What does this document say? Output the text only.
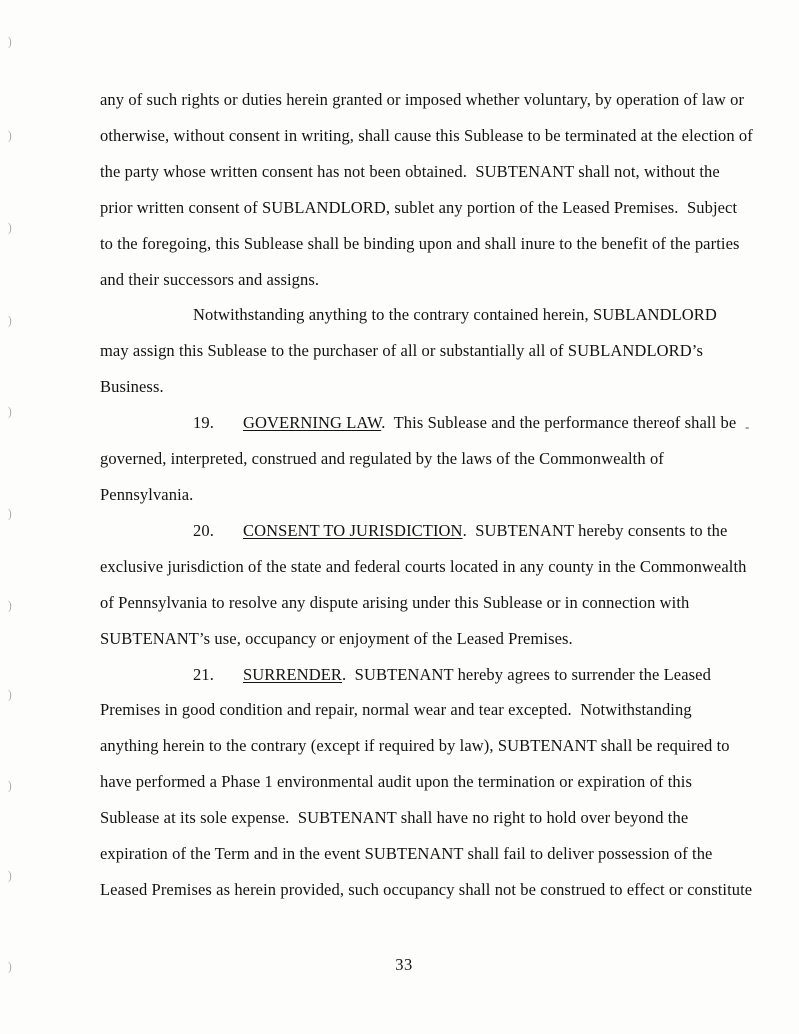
)
)
)
)
)
)
)
)
)
)
)
any of such rights or duties herein granted or imposed whether voluntary, by operation of law or
otherwise, without consent in writing, shall cause this Sublease to be terminated at the election of
the party whose written consent has not been obtained.  SUBTENANT shall not, without the
prior written consent of SUBLANDLORD, sublet any portion of the Leased Premises.  Subject
to the foregoing, this Sublease shall be binding upon and shall inure to the benefit of the parties
and their successors and assigns.
Notwithstanding anything to the contrary contained herein, SUBLANDLORD
may assign this Sublease to the purchaser of all or substantially all of SUBLANDLORD’s
Business.
19. GOVERNING LAW.  This Sublease and the performance thereof shall be
governed, interpreted, construed and regulated by the laws of the Commonwealth of
Pennsylvania.
20. CONSENT TO JURISDICTION.  SUBTENANT hereby consents to the
exclusive jurisdiction of the state and federal courts located in any county in the Commonwealth
of Pennsylvania to resolve any dispute arising under this Sublease or in connection with
SUBTENANT’s use, occupancy or enjoyment of the Leased Premises.
21. SURRENDER.  SUBTENANT hereby agrees to surrender the Leased
Premises in good condition and repair, normal wear and tear excepted.  Notwithstanding
anything herein to the contrary (except if required by law), SUBTENANT shall be required to
have performed a Phase 1 environmental audit upon the termination or expiration of this
Sublease at its sole expense.  SUBTENANT shall have no right to hold over beyond the
expiration of the Term and in the event SUBTENANT shall fail to deliver possession of the
Leased Premises as herein provided, such occupancy shall not be construed to effect or constitute
-
33
